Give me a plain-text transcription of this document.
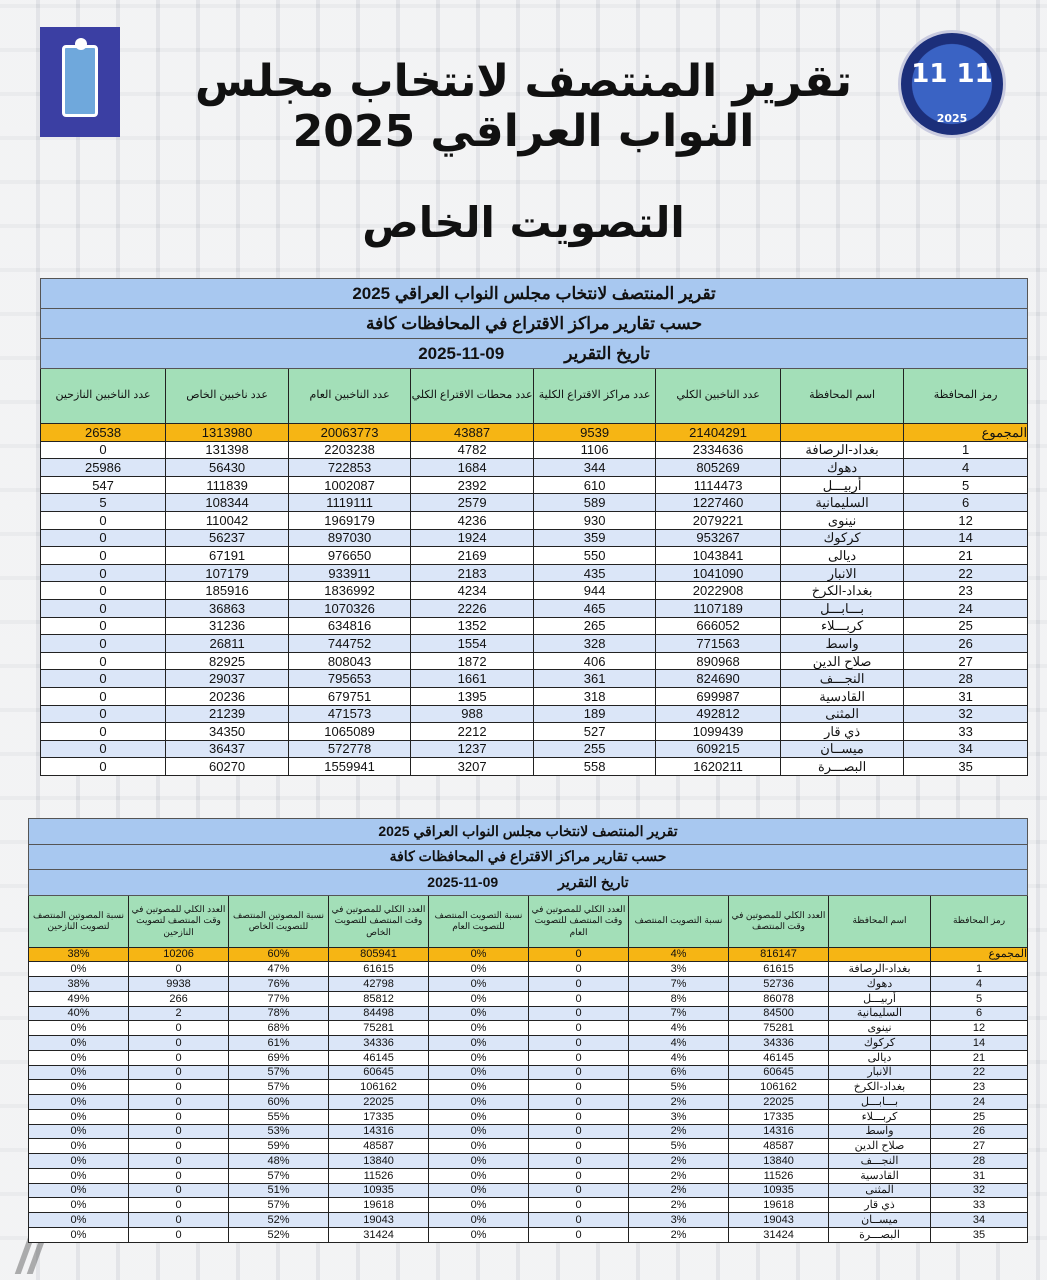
11 11
2025
تقرير المنتصف لانتخاب مجلس
النواب العراقي 2025
التصويت الخاص
تقرير المنتصف لانتخاب مجلس النواب العراقي 2025							
حسب تقارير مراكز الاقتراع في المحافظات كافة							
تاريخ التقرير2025-11-09							
رمز المحافظة	اسم المحافظة	عدد الناخبين الكلي	عدد مراكز الاقتراع الكلية	عدد محطات الاقتراع الكلي	عدد الناخبين العام	عدد ناخبين الخاص	عدد الناخبين النازحين
المجموع		21404291	9539	43887	20063773	1313980	26538
1	بغداد-الرصافة	2334636	1106	4782	2203238	131398	0
4	دهوك	805269	344	1684	722853	56430	25986
5	أربيـــل	1114473	610	2392	1002087	111839	547
6	السليمانية	1227460	589	2579	1119111	108344	5
12	نينوى	2079221	930	4236	1969179	110042	0
14	كركوك	953267	359	1924	897030	56237	0
21	ديالى	1043841	550	2169	976650	67191	0
22	الانبار	1041090	435	2183	933911	107179	0
23	بغداد-الكرخ	2022908	944	4234	1836992	185916	0
24	بـــابـــل	1107189	465	2226	1070326	36863	0
25	كربـــلاء	666052	265	1352	634816	31236	0
26	واسط	771563	328	1554	744752	26811	0
27	صلاح الدين	890968	406	1872	808043	82925	0
28	النجـــف	824690	361	1661	795653	29037	0
31	القادسية	699987	318	1395	679751	20236	0
32	المثنى	492812	189	988	471573	21239	0
33	ذي قار	1099439	527	2212	1065089	34350	0
34	ميســان	609215	255	1237	572778	36437	0
35	البصـــرة	1620211	558	3207	1559941	60270	0
تقرير المنتصف لانتخاب مجلس النواب العراقي 2025									
حسب تقارير مراكز الاقتراع في المحافظات كافة									
تاريخ التقرير2025-11-09									
رمز المحافظة	اسم المحافظة	العدد الكلي للمصوتين في وقت المنتصف	نسبة التصويت المنتصف	العدد الكلي للمصوتين في وقت المنتصف للتصويت العام	نسبة التصويت المنتصف للتصويت العام	العدد الكلي للمصوتين في وقت المنتصف للتصويت الخاص	نسبة المصوتين المنتصف للتصويت الخاص	العدد الكلي للمصوتين في وقت المنتصف لتصويت النازحين	نسبة المصوتين المنتصف لتصويت النازحين
المجموع		816147	4%	0	0%	805941	60%	10206	38%
1	بغداد-الرصافة	61615	3%	0	0%	61615	47%	0	0%
4	دهوك	52736	7%	0	0%	42798	76%	9938	38%
5	أربيـــل	86078	8%	0	0%	85812	77%	266	49%
6	السليمانية	84500	7%	0	0%	84498	78%	2	40%
12	نينوى	75281	4%	0	0%	75281	68%	0	0%
14	كركوك	34336	4%	0	0%	34336	61%	0	0%
21	ديالى	46145	4%	0	0%	46145	69%	0	0%
22	الانبار	60645	6%	0	0%	60645	57%	0	0%
23	بغداد-الكرخ	106162	5%	0	0%	106162	57%	0	0%
24	بـــابـــل	22025	2%	0	0%	22025	60%	0	0%
25	كربـــلاء	17335	3%	0	0%	17335	55%	0	0%
26	واسط	14316	2%	0	0%	14316	53%	0	0%
27	صلاح الدين	48587	5%	0	0%	48587	59%	0	0%
28	النجـــف	13840	2%	0	0%	13840	48%	0	0%
31	القادسية	11526	2%	0	0%	11526	57%	0	0%
32	المثنى	10935	2%	0	0%	10935	51%	0	0%
33	ذي قار	19618	2%	0	0%	19618	57%	0	0%
34	ميســان	19043	3%	0	0%	19043	52%	0	0%
35	البصـــرة	31424	2%	0	0%	31424	52%	0	0%
